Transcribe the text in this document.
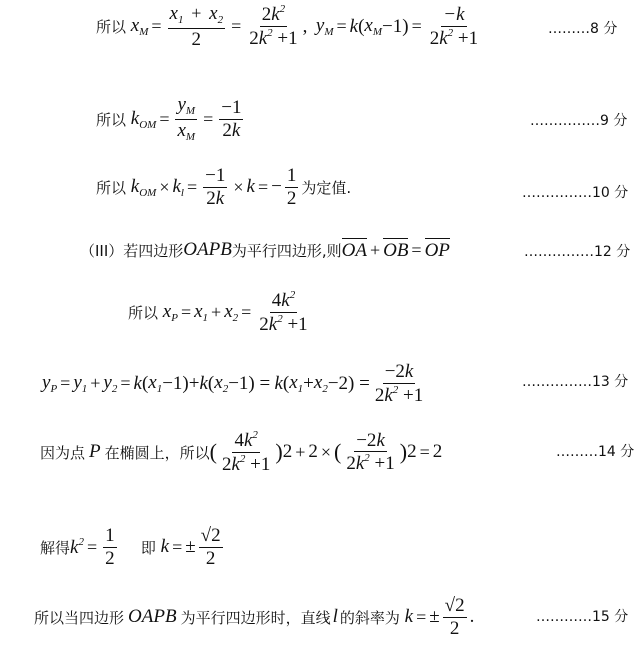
所以 $x_M = \frac{x_1 + x_2}{2} = \frac{2k^2}{2k^2 +1}$ ,
$y_M = k$ ( $x_M -1) = \frac{-k}{2k^2 +1}$	………8 分
所以 $k_{OM} = \frac{y_M}{x_M} = \frac{-1}{2k}$	……………9 分
所以 $k_{OM} \times k_l = \frac{-1}{2k} \times k$ = − $\frac{1}{2}$ 为定值.	……………10 分
（III）若四边形 OAPB 为平行四边形,则 OA + OB = OP	……………12 分
所以 $x_P = x_1 + x_2 = \frac{4k^2}{2k^2 +1}$
$y_P = y_1 + y_2 = k$ ( $x_1 -1)+ k$ ( $x_2 -1$) =
k ( $x_1 + x_2 -2) = \frac{-2k}{2k^2 +1}$	……………13 分
因为点 P 在椭圆上，所以 ( $\frac{4k^2}{2k^2 +1}$ ) 2 + 2 × ( $\frac{-2k}{2k^2 +1}$ ) 2 = 2	………14 分
解得 $k^2 = \frac{1}{2}$
即 k = ± $\frac{√2}{2}$
所以当四边形 OAPB 为平行四边形时，直线 l 的斜率为 k = ± $\frac{√2}{2}$ .	…………15 分
